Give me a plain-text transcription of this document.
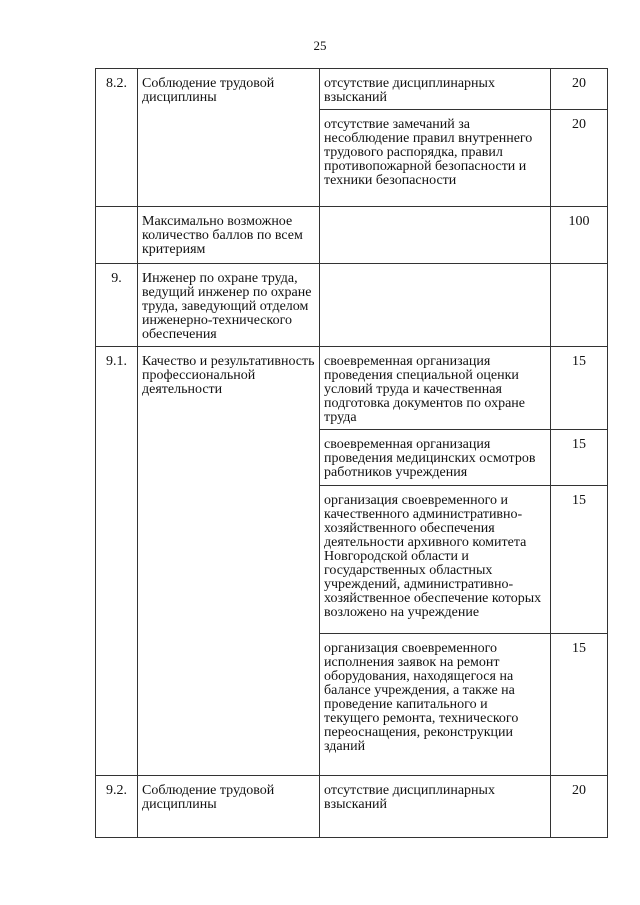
25
8.2.	Соблюдение трудовой дисциплины	отсутствие дисциплинарных взысканий	20
		отсутствие замечаний за несоблюдение правил внутреннего трудового распорядка, правил противопожарной безопасности и техники безопасности	20
	Максимально возможное количество баллов по всем критериям		100
9.	Инженер по охране труда, ведущий инженер по охране труда, заведующий отделом инженерно-технического обеспечения		
9.1.	Качество и результативность профессиональной деятельности	своевременная организация проведения специальной оценки условий труда и качественная подготовка документов по охране труда	15
		своевременная организация проведения медицинских осмотров работников учреждения	15
		организация своевременного и качественного административно-хозяйственного обеспечения деятельности архивного комитета Новгородской области и государственных областных учреждений, административно-хозяйственное обеспечение которых возложено на учреждение	15
		организация своевременного исполнения заявок на ремонт оборудования, находящегося на балансе учреждения, а также на проведение капитального и текущего ремонта, технического переоснащения, реконструкции зданий	15
9.2.	Соблюдение трудовой дисциплины	отсутствие дисциплинарных взысканий	20
